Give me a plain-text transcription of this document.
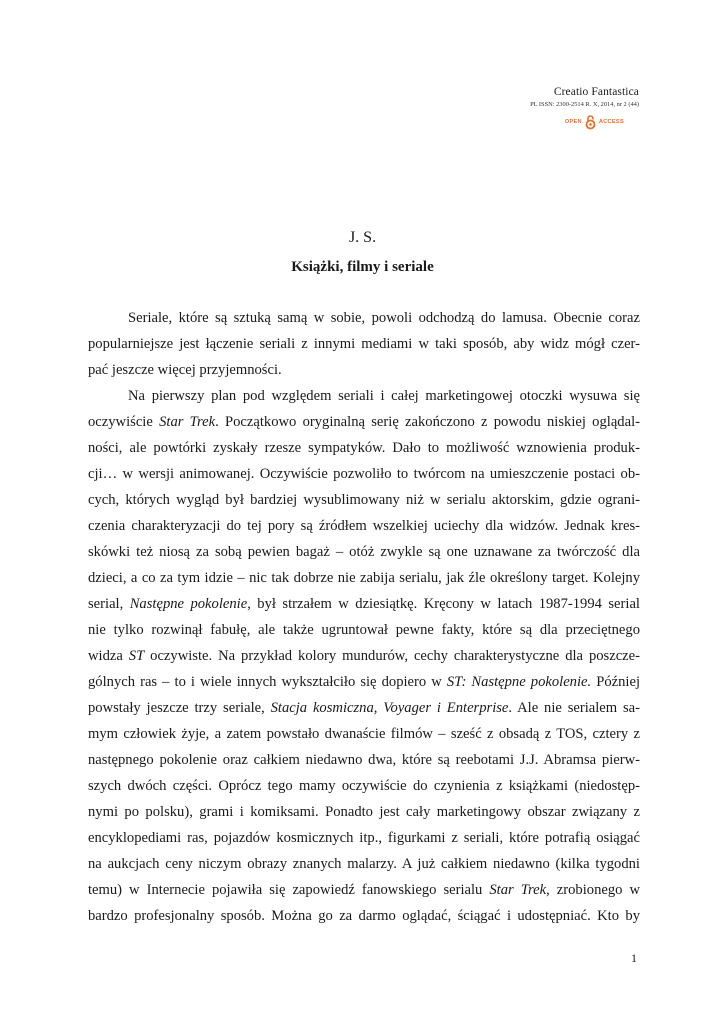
Creatio Fantastica
PL ISSN: 2300-2514 R. X, 2014, nr 2 (44)
OPEN	ACCESS
J. S.
Książki, filmy i seriale
Seriale, które są sztuką samą w sobie, powoli odchodzą do lamusa. Obecnie coraz
popularniejsze jest łączenie seriali z innymi mediami w taki sposób, aby widz mógł czer-
pać jeszcze więcej przyjemności.
Na pierwszy plan pod względem seriali i całej marketingowej otoczki wysuwa się
oczywiście Star Trek. Początkowo oryginalną serię zakończono z powodu niskiej oglądal-
ności, ale powtórki zyskały rzesze sympatyków. Dało to możliwość wznowienia produk-
cji… w wersji animowanej. Oczywiście pozwoliło to twórcom na umieszczenie postaci ob-
cych, których wygląd był bardziej wysublimowany niż w serialu aktorskim, gdzie ograni-
czenia charakteryzacji do tej pory są źródłem wszelkiej uciechy dla widzów. Jednak kres-
skówki też niosą za sobą pewien bagaż – otóż zwykle są one uznawane za twórczość dla
dzieci, a co za tym idzie – nic tak dobrze nie zabija serialu, jak źle określony target. Kolejny
serial, Następne pokolenie, był strzałem w dziesiątkę. Kręcony w latach 1987-1994 serial
nie tylko rozwinął fabułę, ale także ugruntował pewne fakty, które są dla przeciętnego
widza ST oczywiste. Na przykład kolory mundurów, cechy charakterystyczne dla poszcze-
gólnych ras – to i wiele innych wykształciło się dopiero w ST: Następne pokolenie. Później
powstały jeszcze trzy seriale, Stacja kosmiczna, Voyager i Enterprise. Ale nie serialem sa-
mym człowiek żyje, a zatem powstało dwanaście filmów – sześć z obsadą z TOS, cztery z
następnego pokolenie oraz całkiem niedawno dwa, które są reebotami J.J. Abramsa pierw-
szych dwóch części. Oprócz tego mamy oczywiście do czynienia z książkami (niedostęp-
nymi po polsku), grami i komiksami. Ponadto jest cały marketingowy obszar związany z
encyklopediami ras, pojazdów kosmicznych itp., figurkami z seriali, które potrafią osiągać
na aukcjach ceny niczym obrazy znanych malarzy. A już całkiem niedawno (kilka tygodni
temu) w Internecie pojawiła się zapowiedź fanowskiego serialu Star Trek, zrobionego w
bardzo profesjonalny sposób. Można go za darmo oglądać, ściągać i udostępniać. Kto by
1
